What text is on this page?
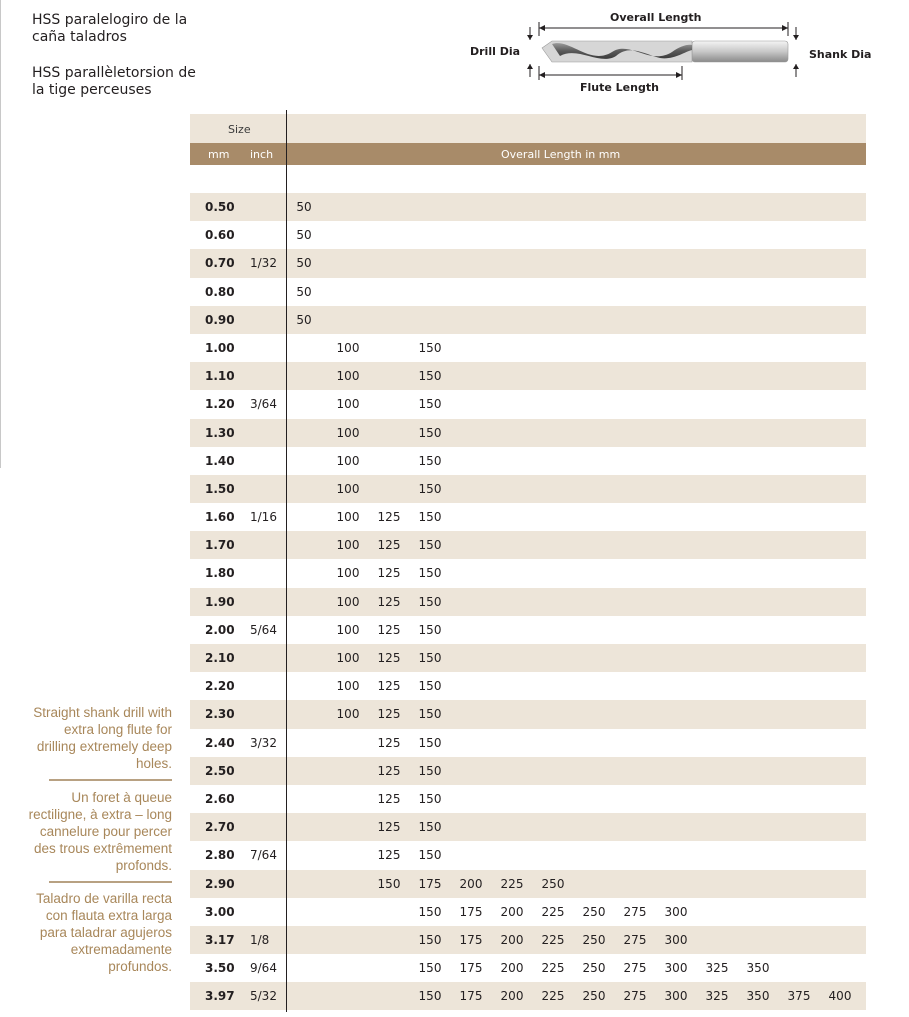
HSS paralelogiro de la caña taladros
HSS parallèletorsion de la tige perceuses
Overall Length
Drill Dia	Shank Dia
Flute Length

Straight shank drill with extra long flute for drilling extremely deep holes.

Un foret à queue rectiligne, à extra – long cannelure pour percer des trous extrêmement profonds.

Taladro de varilla recta con flauta extra larga para taladrar agujeros extremadamente profundos.

Size
mm inch	Overall Length in mm
0.50	50
0.60	50
0.70 1/32 50
0.80	50
0.90	50
1.00	100	150
1.10	100	150
1.20 3/64	100	150
1.30	100	150
1.40	100	150
1.50	100	150
1.60 1/16	100 125 150
1.70	100 125 150
1.80	100 125 150
1.90	100 125 150
2.00 5/64	100 125 150
2.10	100 125 150
2.20	100 125 150
2.30	100 125 150
2.40 3/32	125 150
2.50	125 150
2.60	125 150
2.70	125 150
2.80 7/64	125 150
2.90	150 175 200 225 250
3.00	150 175 200 225 250 275 300
3.17 1/8	150 175 200 225 250 275 300
3.50 9/64	150 175 200 225 250 275 300 325 350
3.97 5/32	150 175 200 225 250 275 300 325 350 375 400
